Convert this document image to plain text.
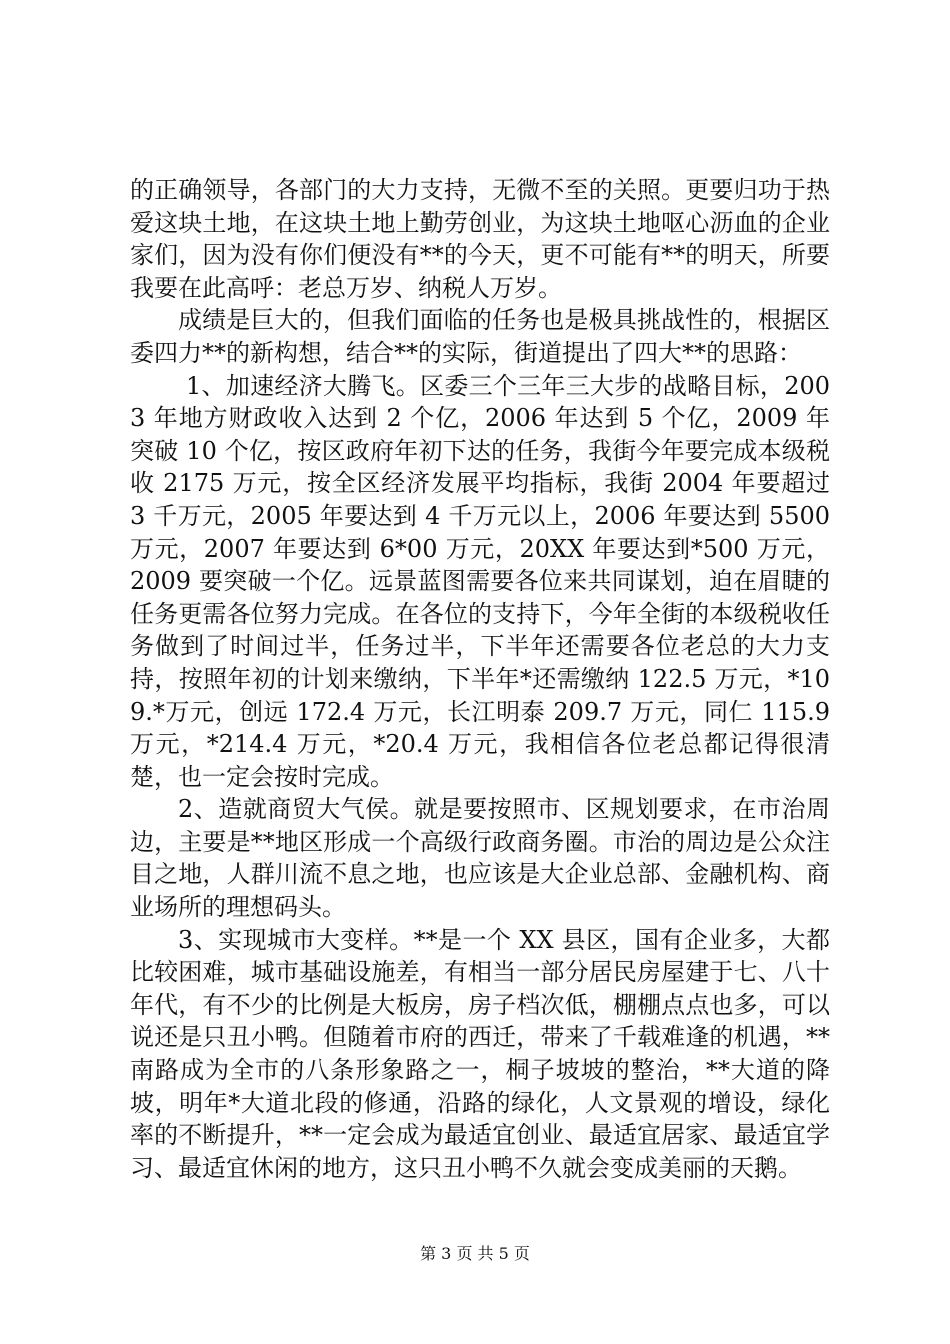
的正确领导，各部门的大力支持，无微不至的关照。更要归功于热爱这块土地，在这块土地上勤劳创业，为这块土地呕心沥血的企业家们，因为没有你们便没有**的今天，更不可能有**的明天，所要我要在此高呼：老总万岁、纳税人万岁。

成绩是巨大的，但我们面临的任务也是极具挑战性的，根据区委四力**的新构想，结合**的实际，街道提出了四大**的思路：

1、加速经济大腾飞。区委三个三年三大步的战略目标，2003 年地方财政收入达到 2 个亿，2006 年达到 5 个亿，2009 年突破 10 个亿，按区政府年初下达的任务，我街今年要完成本级税收 2175 万元，按全区经济发展平均指标，我街 2004 年要超过 3 千万元，2005 年要达到 4 千万元以上，2006 年要达到 5500 万元，2007 年要达到 6*00 万元，20XX 年要达到*500 万元，2009 要突破一个亿。远景蓝图需要各位来共同谋划，迫在眉睫的任务更需各位努力完成。在各位的支持下，今年全街的本级税收任务做到了时间过半，任务过半，下半年还需要各位老总的大力支持，按照年初的计划来缴纳，下半年*还需缴纳 122.5 万元，*109.*万元，创远 172.4 万元，长江明泰 209.7 万元，同仁 115.9 万元，*214.4 万元，*20.4 万元，我相信各位老总都记得很清楚，也一定会按时完成。

2、造就商贸大气侯。就是要按照市、区规划要求，在市治周边，主要是**地区形成一个高级行政商务圈。市治的周边是公众注目之地，人群川流不息之地，也应该是大企业总部、金融机构、商业场所的理想码头。

3、实现城市大变样。**是一个 XX 县区，国有企业多，大都比较困难，城市基础设施差，有相当一部分居民房屋建于七、八十年代，有不少的比例是大板房，房子档次低，棚棚点点也多，可以说还是只丑小鸭。但随着市府的西迁，带来了千载难逢的机遇，**南路成为全市的八条形象路之一，桐子坡坡的整治，**大道的降坡，明年*大道北段的修通，沿路的绿化，人文景观的增设，绿化率的不断提升，**一定会成为最适宜创业、最适宜居家、最适宜学习、最适宜休闲的地方，这只丑小鸭不久就会变成美丽的天鹅。

第 3 页 共 5 页
